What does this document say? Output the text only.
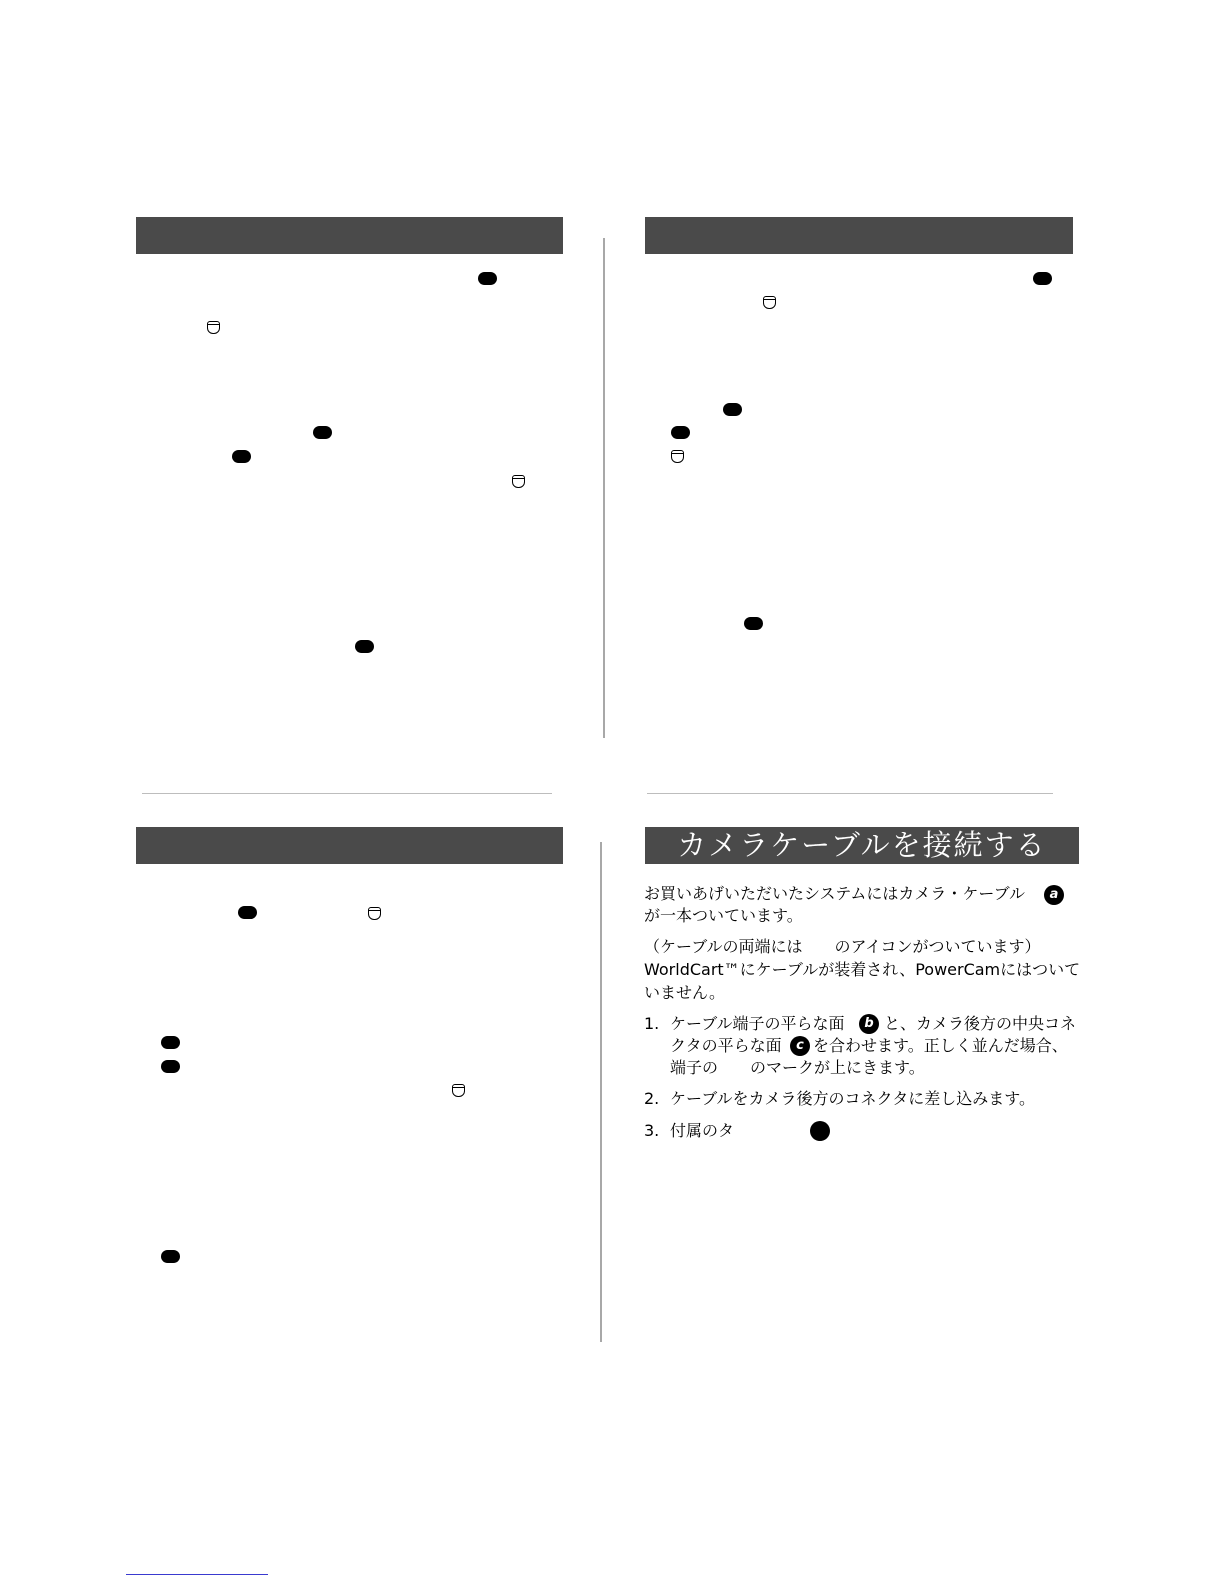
カメラケーブルを接続する
お買いあげいただいたシステムにはカメラ・ケーブル	a
が一本ついています。
（ケーブルの両端には　　のアイコンがついています）
WorldCart™にケーブルが装着され、PowerCamにはついて
いません。
1. ケーブル端子の平らな面	b と、カメラ後方の中央コネ
クタの平らな面	c を合わせます。正しく並んだ場合、
端子の　　のマークが上にきます。
2. ケーブルをカメラ後方のコネクタに差し込みます。
3. 付属のタ
